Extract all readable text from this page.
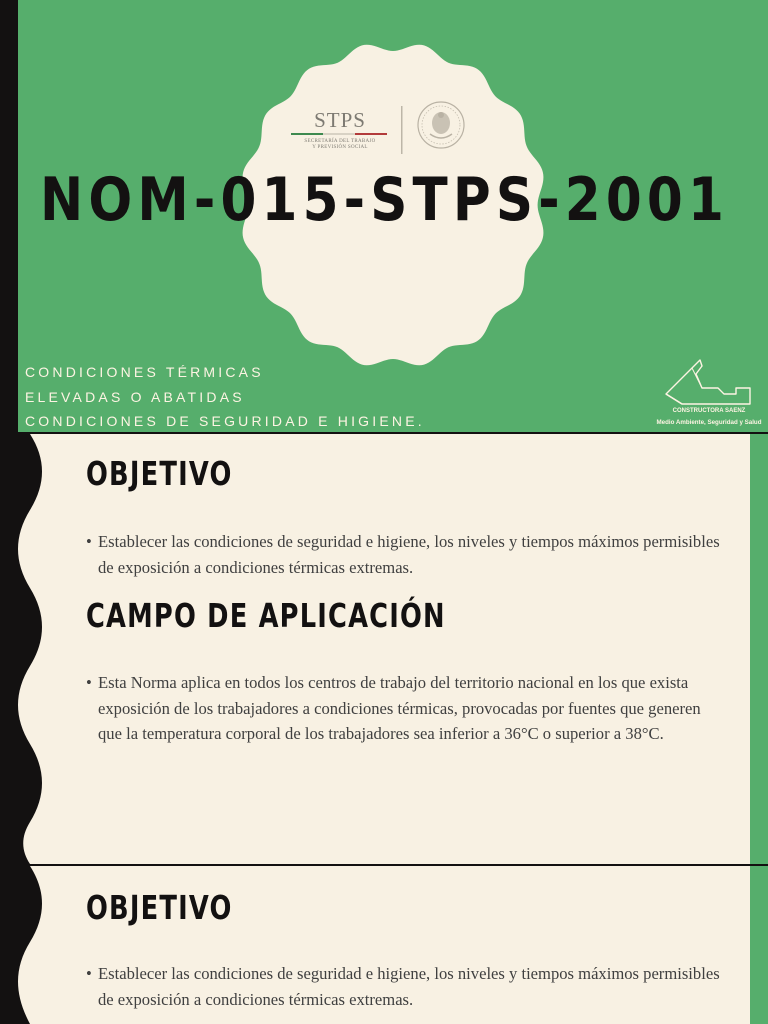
STPS
SECRETARÍA DEL TRABAJO
Y PREVISIÓN SOCIAL
NOM-015-STPS-2001
CONDICIONES TÉRMICAS
ELEVADAS O ABATIDAS
CONDICIONES DE SEGURIDAD E HIGIENE.
CONSTRUCTORA SAENZ
Medio Ambiente, Seguridad y Salud
OBJETIVO
• Establecer las condiciones de seguridad e higiene, los niveles y tiempos máximos permisibles de exposición a condiciones térmicas extremas.
CAMPO DE APLICACIÓN
• Esta Norma aplica en todos los centros de trabajo del territorio nacional en los que exista exposición de los trabajadores a condiciones térmicas, provocadas por fuentes que generen que la temperatura corporal de los trabajadores sea inferior a 36°C o superior a 38°C.
OBJETIVO
• Establecer las condiciones de seguridad e higiene, los niveles y tiempos máximos permisibles de exposición a condiciones térmicas extremas.
